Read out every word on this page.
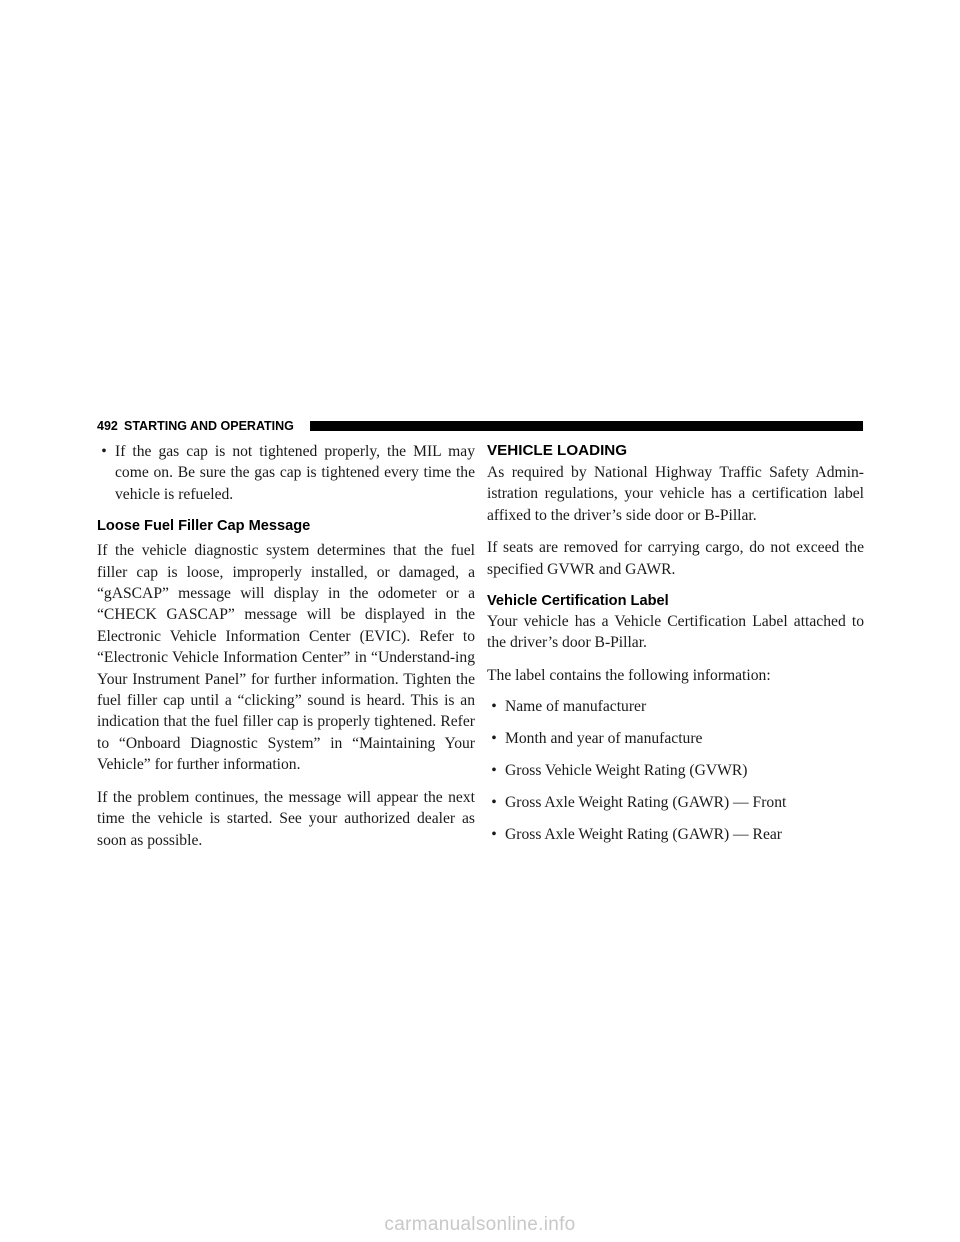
492 STARTING AND OPERATING
• If the gas cap is not tightened properly, the MIL may come on. Be sure the gas cap is tightened every time the vehicle is refueled.
Loose Fuel Filler Cap Message

If the vehicle diagnostic system determines that the fuel filler cap is loose, improperly installed, or damaged, a “gASCAP” message will display in the odometer or a “CHECK GASCAP” message will be displayed in the Electronic Vehicle Information Center (EVIC). Refer to “Electronic Vehicle Information Center” in “Understand-ing Your Instrument Panel” for further information. Tighten the fuel filler cap until a “clicking” sound is heard. This is an indication that the fuel filler cap is properly tightened. Refer to “Onboard Diagnostic System” in “Maintaining Your Vehicle” for further information.

If the problem continues, the message will appear the next time the vehicle is started. See your authorized dealer as soon as possible.

VEHICLE LOADING

As required by National Highway Traffic Safety Admin-istration regulations, your vehicle has a certification label affixed to the driver’s side door or B-Pillar.

If seats are removed for carrying cargo, do not exceed the specified GVWR and GAWR.

Vehicle Certification Label

Your vehicle has a Vehicle Certification Label attached to the driver’s door B-Pillar.

The label contains the following information:

• Name of manufacturer
• Month and year of manufacture
• Gross Vehicle Weight Rating (GVWR)
• Gross Axle Weight Rating (GAWR) — Front
• Gross Axle Weight Rating (GAWR) — Rear
carmanualsonline.info
